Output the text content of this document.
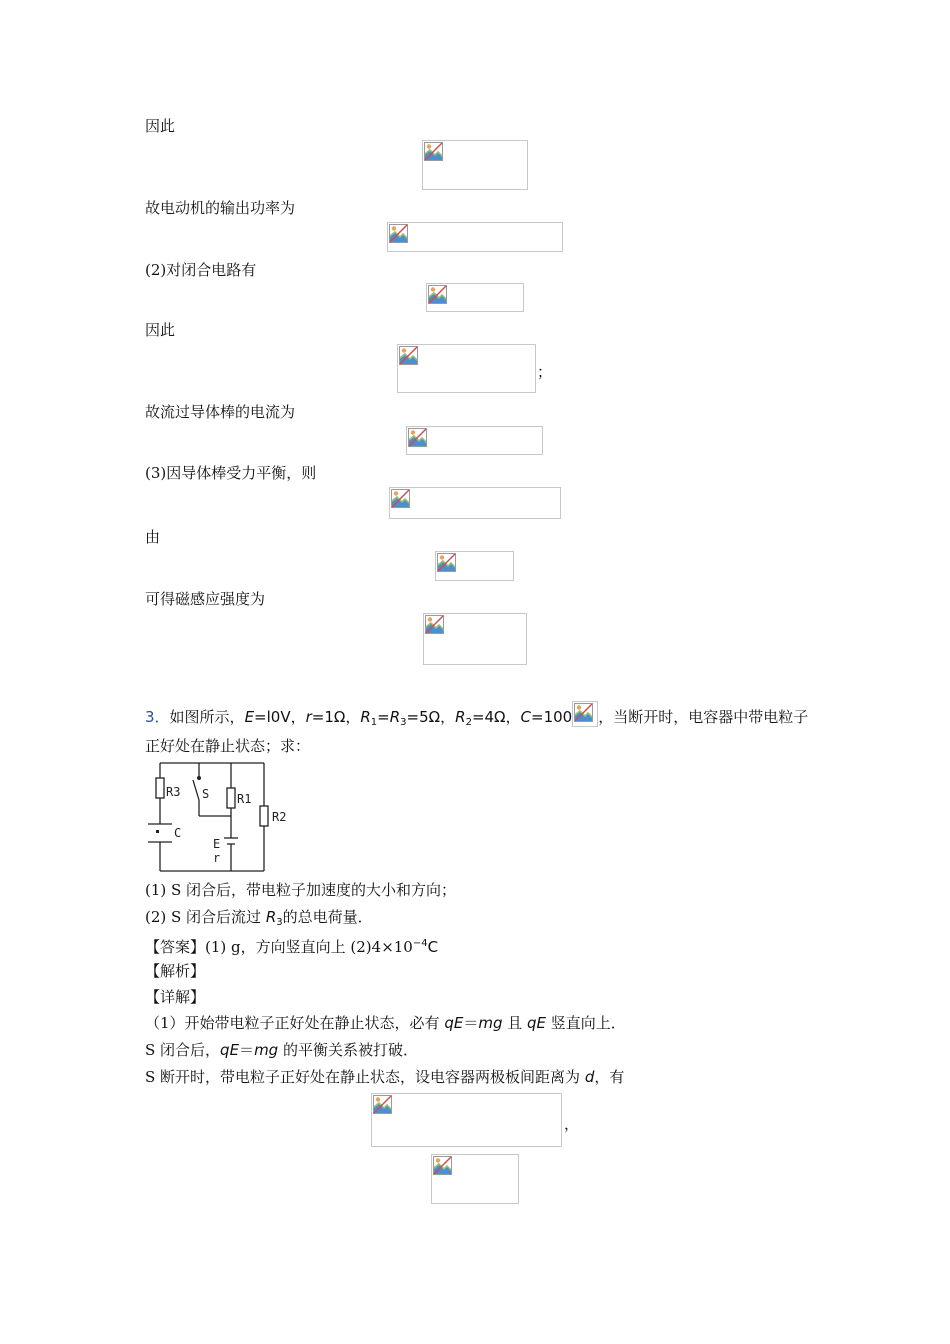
因此
故电动机的输出功率为
(2)对闭合电路有
因此
；
故流过导体棒的电流为
(3)因导体棒受力平衡，则
由
可得磁感应强度为
3．如图所示，E=l0V，r=1Ω，$R_1=R_3=5\Omega$，$R_2=4\Omega$，C=100 ，当断开时，电容器中带电粒子
正好处在静止状态；求：
R3 S R1
C
E
r
R2
(1) S 闭合后，带电粒子加速度的大小和方向；
(2) S 闭合后流过 $R_3$的总电荷量．
【答案】(1) g，方向竖直向上 $(2)4\times 10^{-4}C$
【解析】
【详解】
（1）开始带电粒子正好处在静止状态，必有 qE＝mg 且 qE 竖直向上．
S 闭合后，qE＝mg 的平衡关系被打破．
S 断开时，带电粒子正好处在静止状态，设电容器两极板间距离为 d，有
，
